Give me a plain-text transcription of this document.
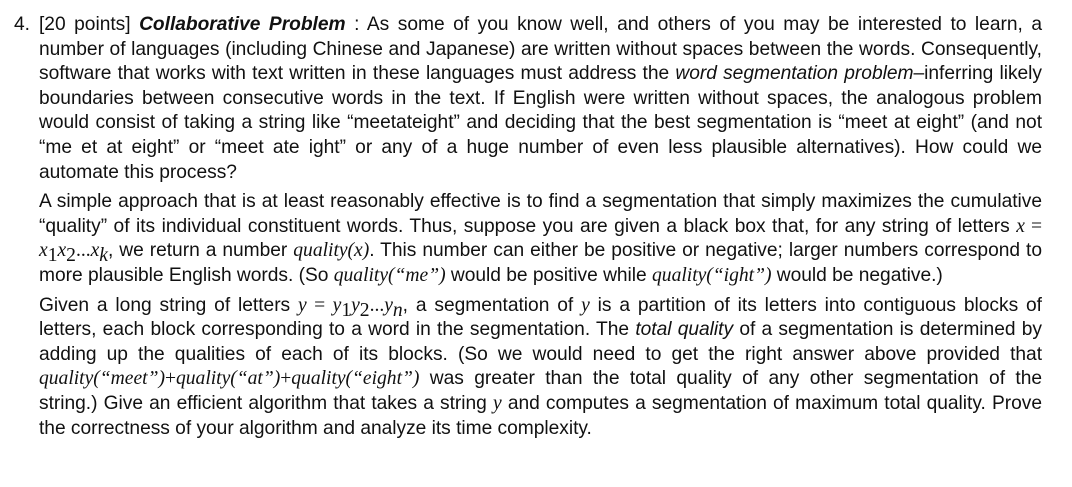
4. [20 points] Collaborative Problem : As some of you know well, and others of you may be interested to learn, a number of languages (including Chinese and Japanese) are written without spaces between the words. Consequently, software that works with text written in these languages must address the word segmentation problem–inferring likely boundaries between consecutive words in the text. If English were written without spaces, the analogous problem would consist of taking a string like “meetateight” and deciding that the best segmentation is “meet at eight” (and not “me et at eight” or “meet ate ight” or any of a huge number of even less plausible alternatives). How could we automate this process?

A simple approach that is at least reasonably effective is to find a segmentation that simply maximizes the cumulative “quality” of its individual constituent words. Thus, suppose you are given a black box that, for any string of letters $x = x_1x_2...x_k$, we return a number quality(x). This number can either be positive or negative; larger numbers correspond to more plausible English words. (So quality(“me”) would be positive while quality(“ight”) would be negative.)

Given a long string of letters $y = y_1y_2...y_n$, a segmentation of y is a partition of its letters into contiguous blocks of letters, each block corresponding to a word in the segmentation. The total quality of a segmentation is determined by adding up the qualities of each of its blocks. (So we would need to get the right answer above provided that quality(“meet”)+quality(“at”)+quality(“eight”) was greater than the total quality of any other segmentation of the string.) Give an efficient algorithm that takes a string y and computes a segmentation of maximum total quality. Prove the correctness of your algorithm and analyze its time complexity.
